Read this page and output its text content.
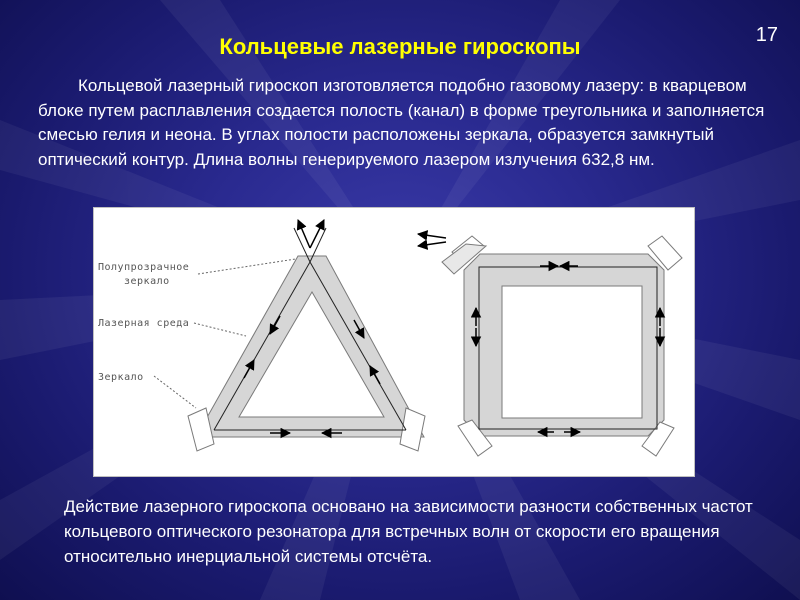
17
Кольцевые лазерные гироскопы

Кольцевой лазерный гироскоп изготовляется подобно газовому лазеру: в кварцевом блоке путем расплавления создается полость (канал) в форме треугольника и заполняется смесью гелия и неона. В углах полости расположены зеркала, образуется замкнутый оптический контур. Длина волны генерируемого лазером излучения 632,8 нм.

Полупрозрачное
зеркало
Лазерная среда
Зеркало

Действие лазерного гироскопа основано на зависимости разности собственных частот кольцевого оптического резонатора для встречных волн от скорости его вращения относительно инерциальной системы отсчёта.
